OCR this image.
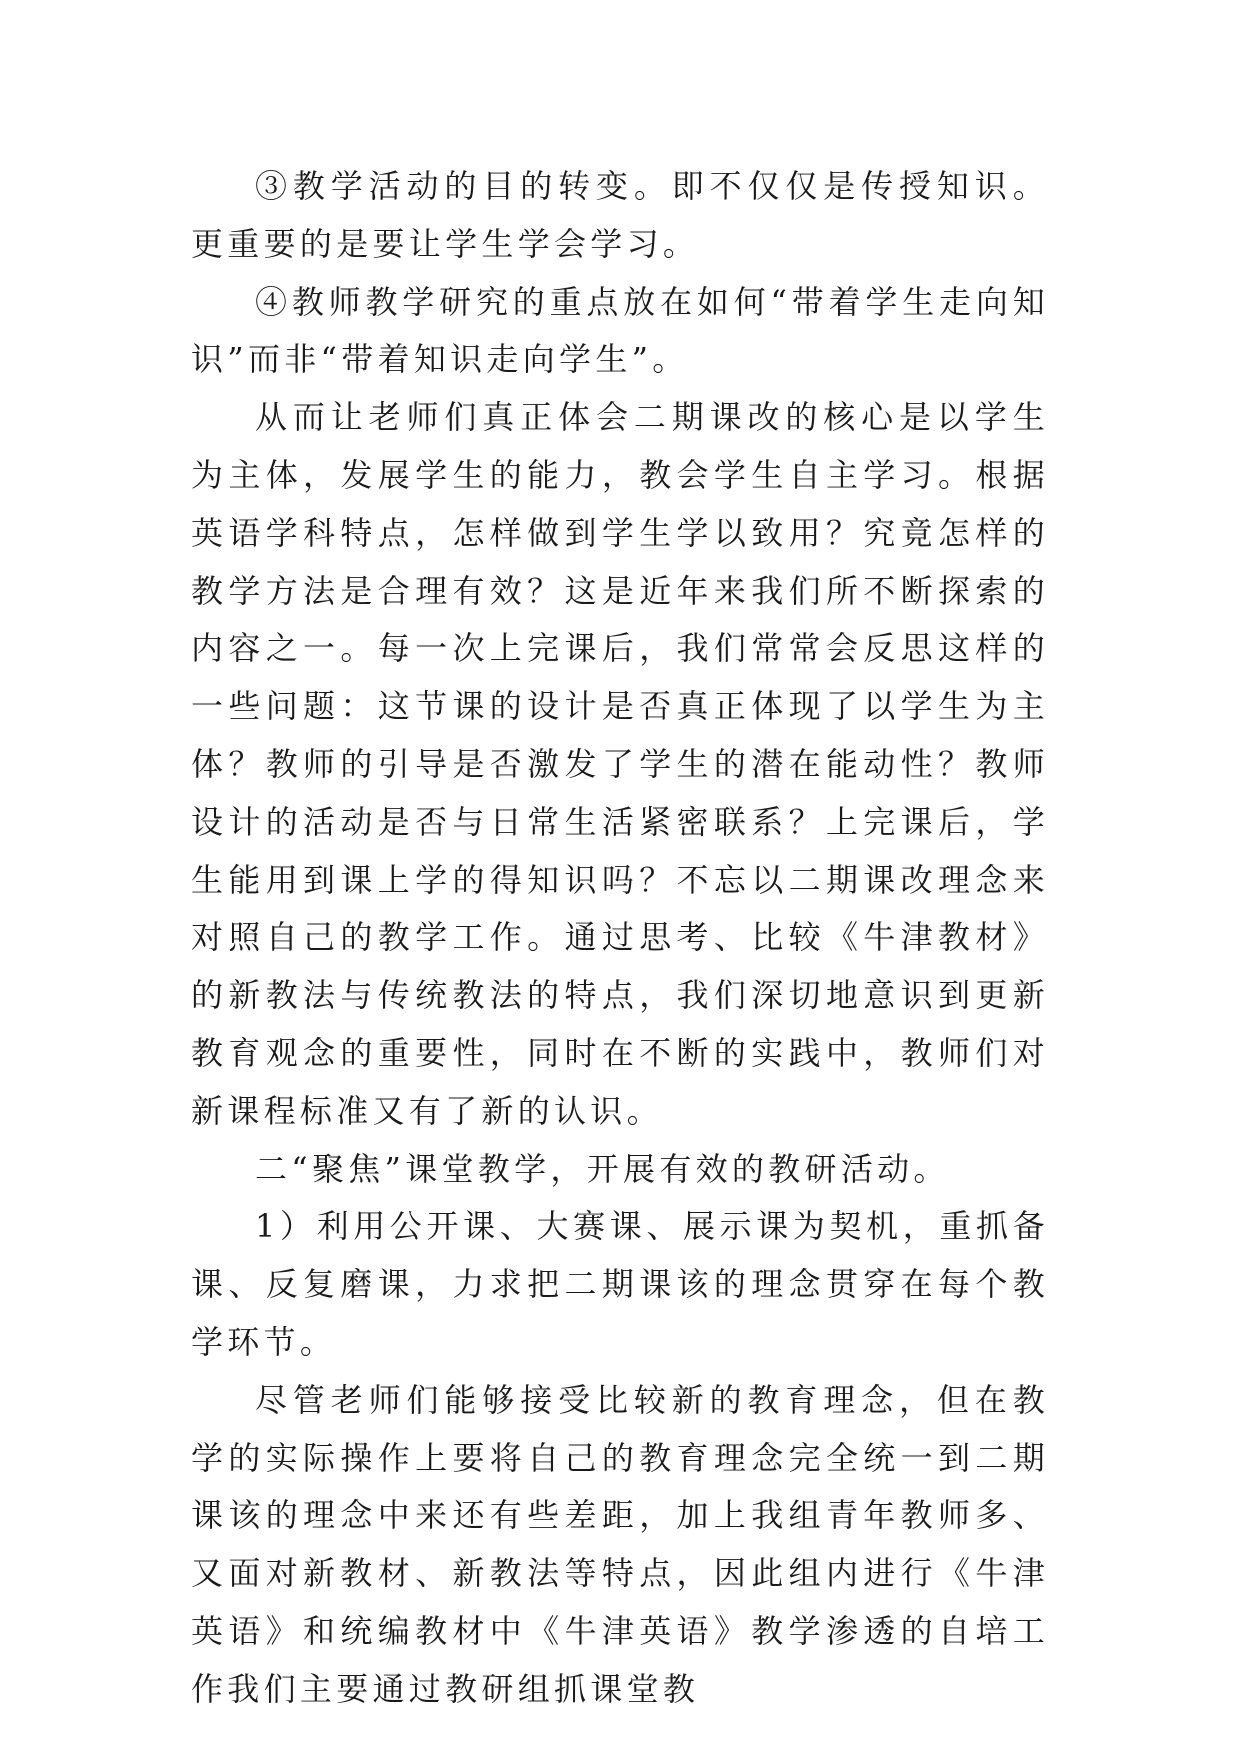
③教学活动的目的转变。即不仅仅是传授知识。更重要的是要让学生学会学习。

④教师教学研究的重点放在如何“带着学生走向知识”而非“带着知识走向学生”。

从而让老师们真正体会二期课改的核心是以学生为主体，发展学生的能力，教会学生自主学习。根据英语学科特点，怎样做到学生学以致用？究竟怎样的教学方法是合理有效？这是近年来我们所不断探索的内容之一。每一次上完课后，我们常常会反思这样的一些问题：这节课的设计是否真正体现了以学生为主体？教师的引导是否激发了学生的潜在能动性？教师设计的活动是否与日常生活紧密联系？上完课后，学生能用到课上学的得知识吗？不忘以二期课改理念来对照自己的教学工作。通过思考、比较《牛津教材》的新教法与传统教法的特点，我们深切地意识到更新教育观念的重要性，同时在不断的实践中，教师们对新课程标准又有了新的认识。

二“聚焦”课堂教学，开展有效的教研活动。

1）利用公开课、大赛课、展示课为契机，重抓备课、反复磨课，力求把二期课该的理念贯穿在每个教学环节。

尽管老师们能够接受比较新的教育理念，但在教学的实际操作上要将自己的教育理念完全统一到二期课该的理念中来还有些差距，加上我组青年教师多、又面对新教材、新教法等特点，因此组内进行《牛津英语》和统编教材中《牛津英语》教学渗透的自培工作我们主要通过教研组抓课堂教
